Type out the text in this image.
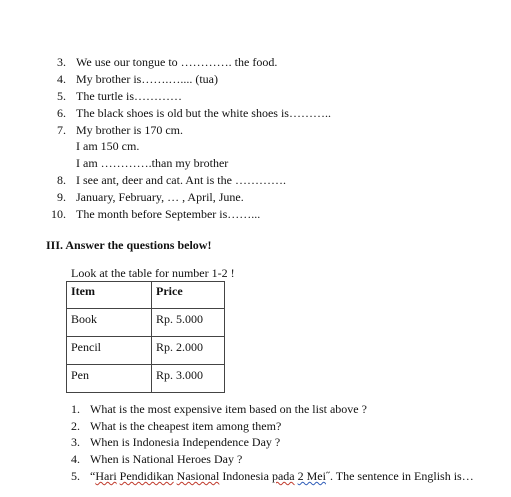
3. We use our tongue to …………. the food.
4. My brother is…….….... (tua)
5. The turtle is…………
6. The black shoes is old but the white shoes is………..
7. My brother is 170 cm.
I am 150 cm.
I am ………….than my brother
8. I see ant, deer and cat. Ant is the ………….
9. January, February, … , April, June.
10. The month before September is……...
III. Answer the questions below!
Look at the table for number 1-2 !
Item	Price
Book	Rp. 5.000
Pencil	Rp. 2.000
Pen	Rp. 3.000
1. What is the most expensive item based on the list above ?
2. What is the cheapest item among them?
3. When is Indonesia Independence Day ?
4. When is National Heroes Day ?
5. “Hari Pendidikan Nasional Indonesia pada 2 Mei˝. The sentence in English is…
